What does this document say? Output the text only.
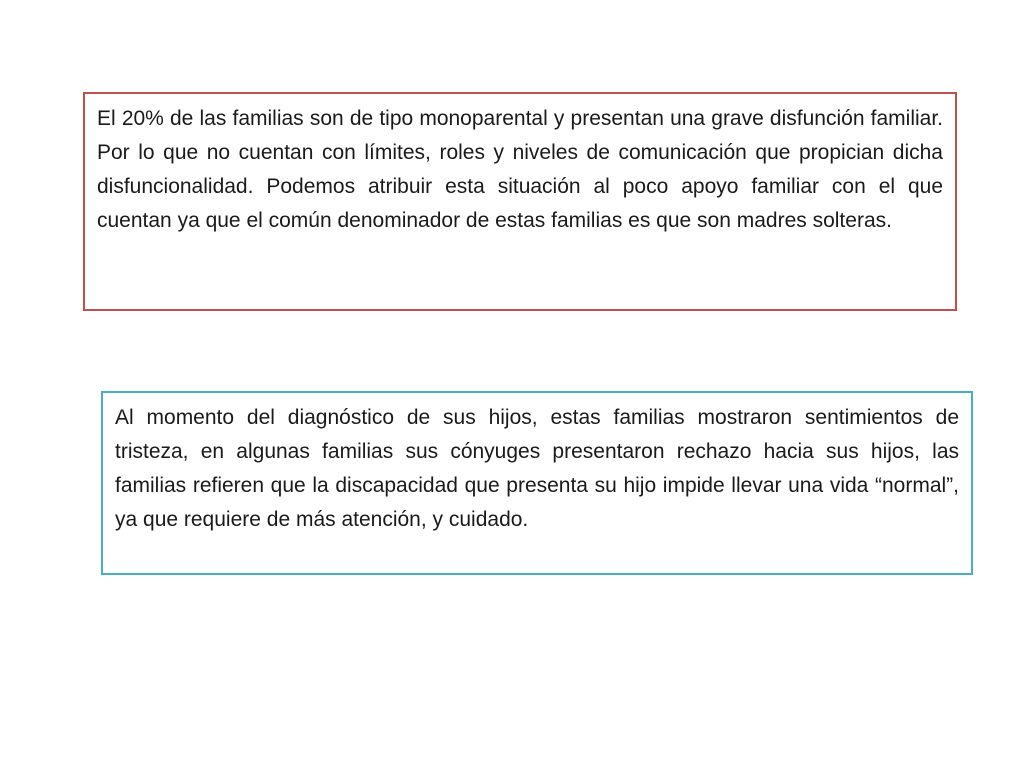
El 20% de las familias son de tipo monoparental y presentan una grave disfunción familiar. Por lo que no cuentan con límites, roles y niveles de comunicación que propician dicha disfuncionalidad. Podemos atribuir esta situación al poco apoyo familiar con el que cuentan ya que el común denominador de estas familias es que son madres solteras.

Al momento del diagnóstico de sus hijos, estas familias mostraron sentimientos de tristeza, en algunas familias sus cónyuges presentaron rechazo hacia sus hijos, las familias refieren que la discapacidad que presenta su hijo impide llevar una vida “normal”, ya que requiere de más atención, y cuidado.
